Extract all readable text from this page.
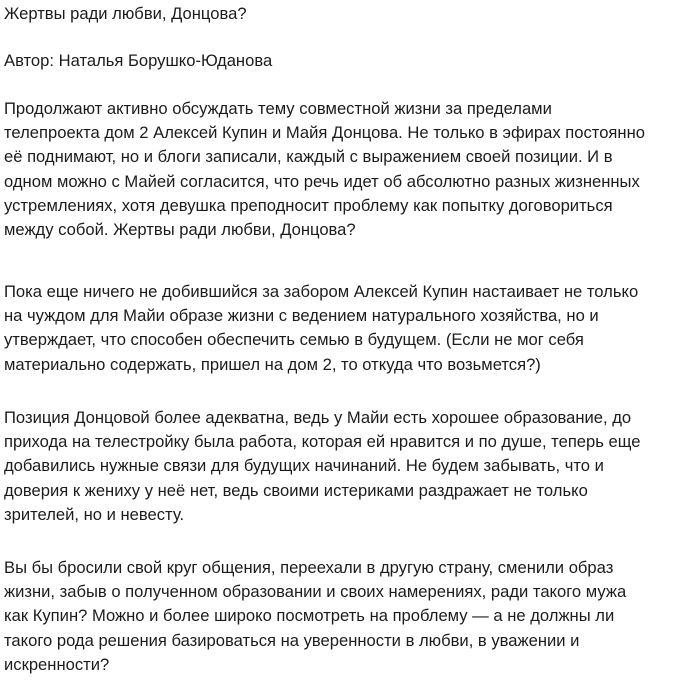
Жертвы ради любви, Донцова?
Автор: Наталья Борушко-Юданова
Продолжают активно обсуждать тему совместной жизни за пределами
телепроекта дом 2 Алексей Купин и Майя Донцова. Не только в эфирах постоянно
её поднимают, но и блоги записали, каждый с выражением своей позиции. И в
одном можно с Майей согласится, что речь идет об абсолютно разных жизненных
устремлениях, хотя девушка преподносит проблему как попытку договориться
между собой. Жертвы ради любви, Донцова?
Пока еще ничего не добившийся за забором Алексей Купин настаивает не только
на чуждом для Майи образе жизни с ведением натурального хозяйства, но и
утверждает, что способен обеспечить семью в будущем. (Если не мог себя
материально содержать, пришел на дом 2, то откуда что возьмется?)
Позиция Донцовой более адекватна, ведь у Майи есть хорошее образование, до
прихода на телестройку была работа, которая ей нравится и по душе, теперь еще
добавились нужные связи для будущих начинаний. Не будем забывать, что и
доверия к жениху у неё нет, ведь своими истериками раздражает не только
зрителей, но и невесту.
Вы бы бросили свой круг общения, переехали в другую страну, сменили образ
жизни, забыв о полученном образовании и своих намерениях, ради такого мужа
как Купин? Можно и более широко посмотреть на проблему — а не должны ли
такого рода решения базироваться на уверенности в любви, в уважении и
искренности?
